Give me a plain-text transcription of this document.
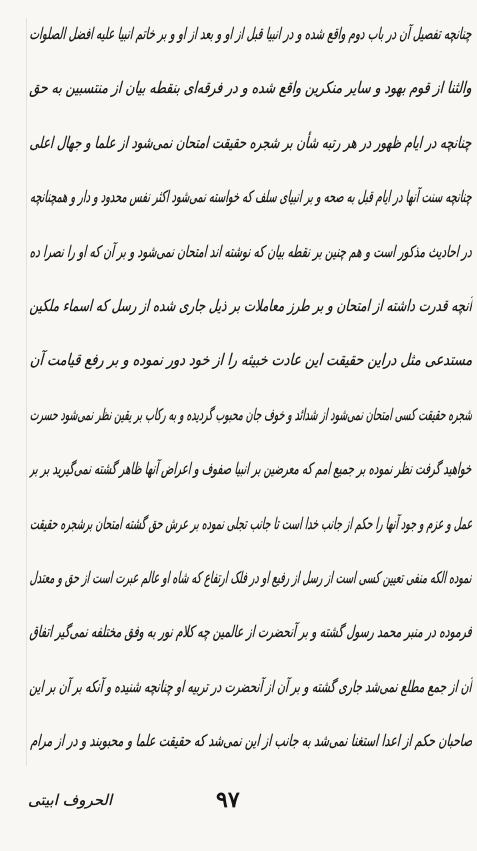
چنانچه تفصیل آن در باب دوم واقع شده و در انبیا قبل از او و بعد از او و بر خاتم انبیا علیه افضل الصلوات
والثنا از قوم بهود و سایر منکرین واقع شده و در فرقه‌ای بنقطه بیان از منتسبین به حق
چنانچه در ایام ظهور در هر رتبه شأن بر شجره حقیقت امتحان نمی‌شود از علما و جهال اعلی
چنانچه سنت آنها در ایام قبل به صحه و بر انبیای سلف که خواسته نمی‌شود اکثر نفس محدود و دار و همچنانچه
در احادیث مذکور است و هم چنین بر نقطه بیان که نوشته اند امتحان نمی‌شود و بر آن که او را نصرا ده
آنچه قدرت داشته از امتحان و بر طرز معاملات بر ذیل جاری شده از رسل که اسماء ملکین
مستدعی مثل دراین حقیقت این عادت خبیثه را از خود دور نموده و بر رفع قیامت آن
شجره حقیقت کسی امتحان نمی‌شود از شدائد و خوف جان محبوب گردیده و به رکاب بر یقین نظر نمی‌شود حسرت
خواهید گرفت نظر نموده بر جمیع امم که معرضین بر انبیا صفوف و اعراض آنها ظاهر گشته نمی‌گیرید بر بر
عمل و عزم و جود آنها را حکم از جانب خدا است تا جانب تجلی نموده بر عرش حق گشته امتحان برشجره حقیقت
نموده الکه منفی تعیین کسی است از رسل از رفیع او در فلک ارتفاع که شاه او عالم عبرت است از حق و معتدل
فرموده در منبر محمد رسول گشته و بر آنحضرت از عالمین چه کلام نور به وفق مختلفه نمی‌گیر اتفاق
آن از جمع مطلع نمی‌شد جاری گشته و بر آن از آنحضرت در تربیه او چنانچه شنیده و آنکه بر آن بر این
صاحبان حکم از اعدا استغنا نمی‌شد به جانب از این نمی‌شد که حقیقت علما و محبوبند و در از مرام
الحروف ابیتی	۹۷
